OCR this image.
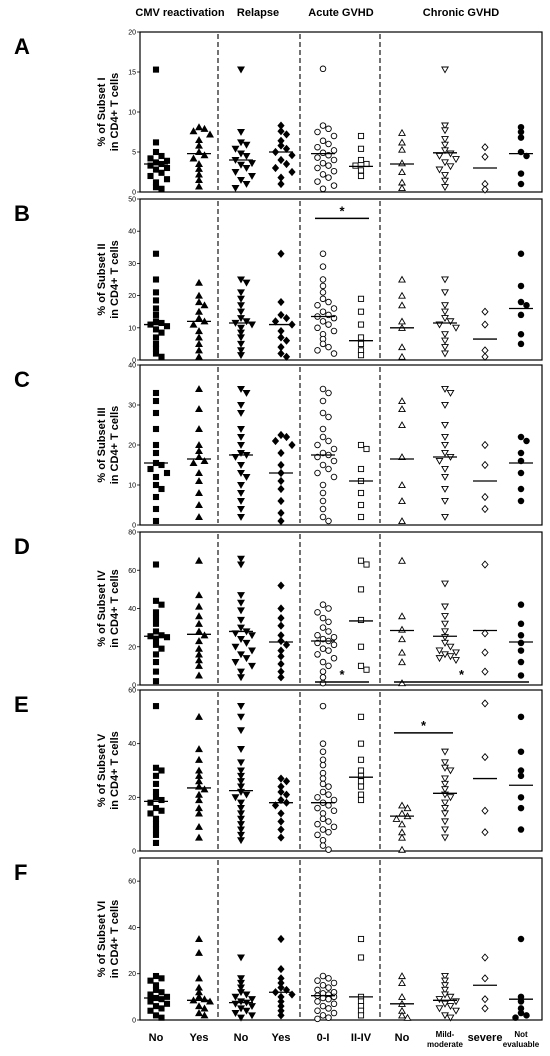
CMV reactivation Relapse	Acute GVHD	Chronic GVHD
A
% of Subset Iin CD4+ T cells
0
5
10
15
20
B
% of Subset IIin CD4+ T cells
0
10
20
30
40
50
*
C
% of Subset IIIin CD4+ T cells
0
10
20
30
40
D
% of Subset IVin CD4+ T cells
0
20
40
60
80
E
% of Subset Vin CD4+ T cells
0
20
40
60
*	*
*
F
% of Subset VIin CD4+ T cells
0
20
40
60
No Yes No Yes 0-I II-IV No	Mild-moderate
severe	Not evaluable
